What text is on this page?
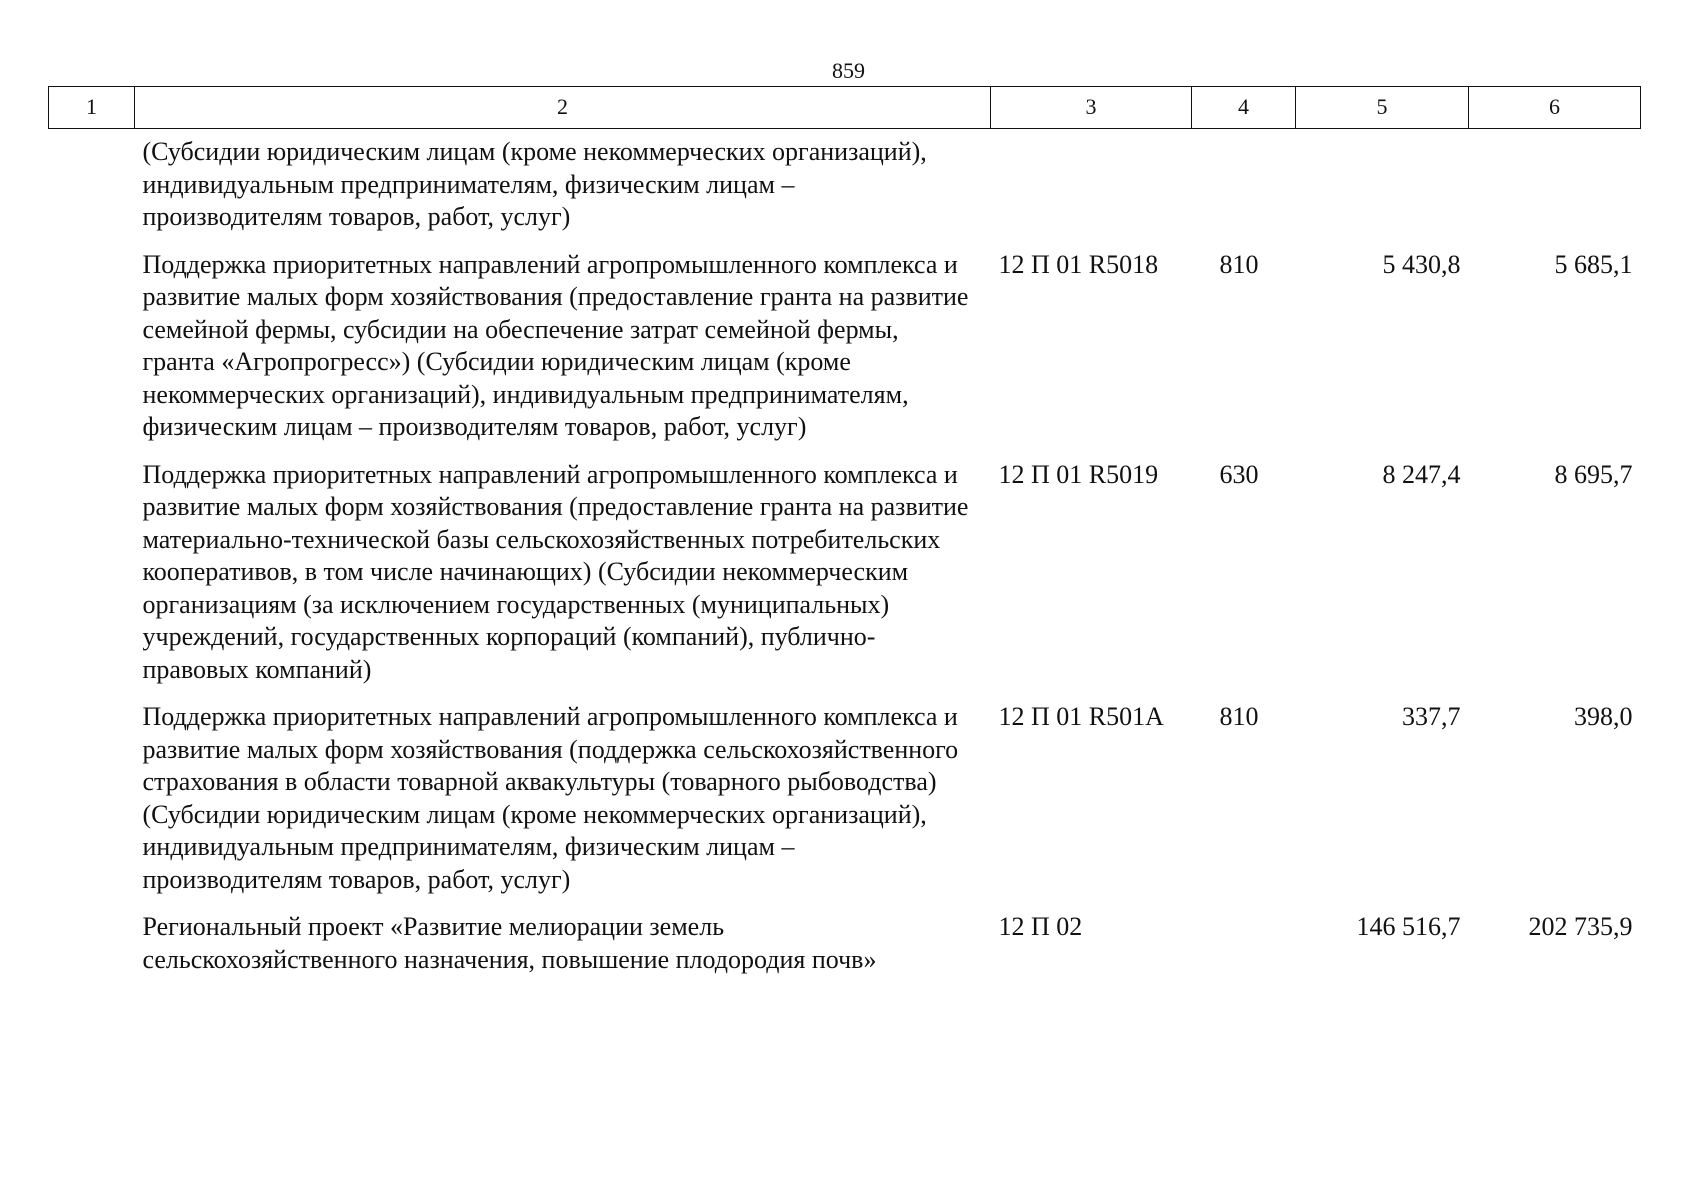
859
1	2	3	4	5	6
	(Субсидии юридическим лицам (кроме некоммерческих организаций), индивидуальным предпринимателям, физическим лицам – производителям товаров, работ, услуг)				
	Поддержка приоритетных направлений агропромышленного комплекса и развитие малых форм хозяйствования (предоставление гранта на развитие семейной фермы, субсидии на обеспечение затрат семейной фермы, гранта «Агропрогресс») (Субсидии юридическим лицам (кроме некоммерческих организаций), индивидуальным предпринимателям, физическим лицам – производителям товаров, работ, услуг)	12 П 01 R5018	810	5 430,8	5 685,1
	Поддержка приоритетных направлений агропромышленного комплекса и развитие малых форм хозяйствования (предоставление гранта на развитие материально-технической базы сельскохозяйственных потребительских кооперативов, в том числе начинающих) (Субсидии некоммерческим организациям (за исключением государственных (муниципальных) учреждений, государственных корпораций (компаний), публично-правовых компаний)	12 П 01 R5019	630	8 247,4	8 695,7
	Поддержка приоритетных направлений агропромышленного комплекса и развитие малых форм хозяйствования (поддержка сельскохозяйственного страхования в области товарной аквакультуры (товарного рыбоводства) (Субсидии юридическим лицам (кроме некоммерческих организаций), индивидуальным предпринимателям, физическим лицам – производителям товаров, работ, услуг)	12 П 01 R501A	810	337,7	398,0
	Региональный проект «Развитие мелиорации земель сельскохозяйственного назначения, повышение плодородия почв»	12 П 02		146 516,7	202 735,9
